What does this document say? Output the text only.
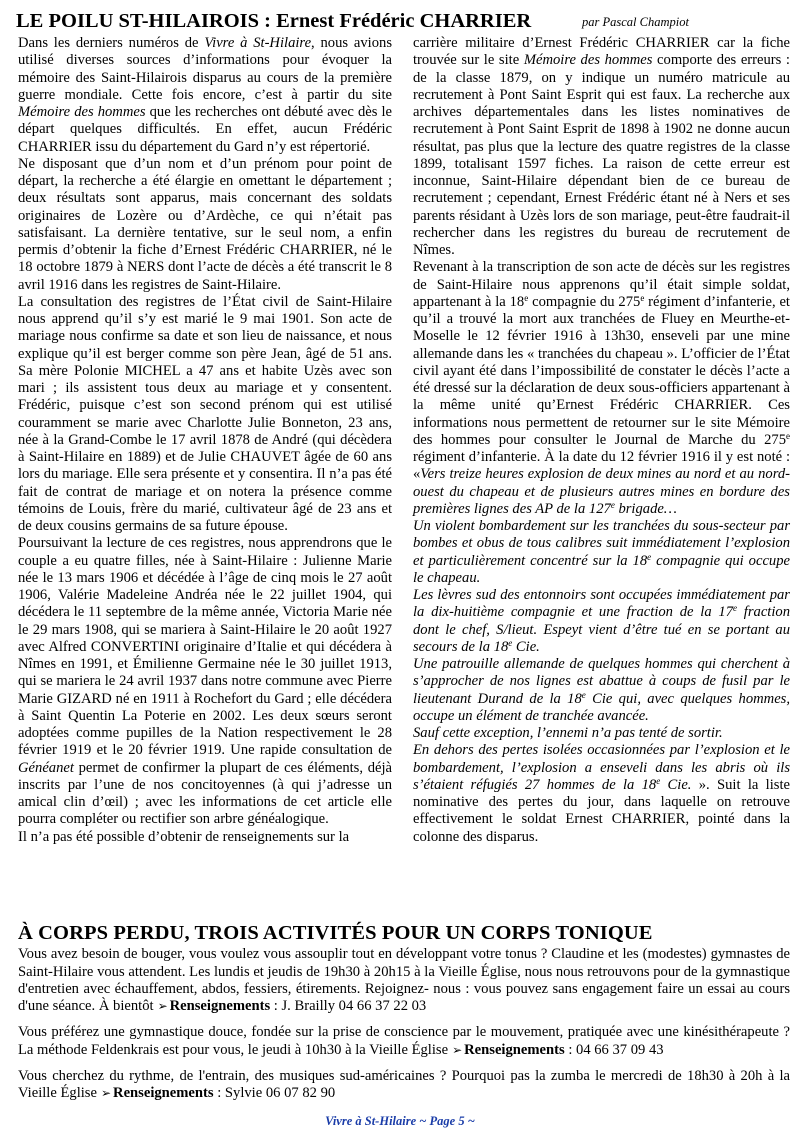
LE POILU ST-HILAIROIS : Ernest Frédéric CHARRIER	par Pascal Champiot

Dans les derniers numéros de Vivre à St-Hilaire, nous avions utilisé diverses sources d’informations pour évoquer la mémoire des Saint-Hilairois disparus au cours de la première guerre mondiale. Cette fois encore, c’est à partir du site Mémoire des hommes que les recherches ont débuté avec dès le départ quelques difficultés. En effet, aucun Frédéric CHARRIER issu du département du Gard n’y est répertorié.

Ne disposant que d’un nom et d’un prénom pour point de départ, la recherche a été élargie en omettant le département ; deux résultats sont apparus, mais concernant des soldats originaires de Lozère ou d’Ardèche, ce qui n’était pas satisfaisant. La dernière tentative, sur le seul nom, a enfin permis d’obtenir la fiche d’Ernest Frédéric CHARRIER, né le 18 octobre 1879 à NERS dont l’acte de décès a été transcrit le 8 avril 1916 dans les registres de Saint-Hilaire.

La consultation des registres de l’État civil de Saint-Hilaire nous apprend qu’il s’y est marié le 9 mai 1901. Son acte de mariage nous confirme sa date et son lieu de naissance, et nous explique qu’il est berger comme son père Jean, âgé de 51 ans. Sa mère Polonie MICHEL a 47 ans et habite Uzès avec son mari ; ils assistent tous deux au mariage et y consentent. Frédéric, puisque c’est son second prénom qui est utilisé couramment se marie avec Charlotte Julie Bonneton, 23 ans, née à la Grand-Combe le 17 avril 1878 de André (qui décèdera à Saint-Hilaire en 1889) et de Julie CHAUVET âgée de 60 ans lors du mariage. Elle sera présente et y consentira. Il n’a pas été fait de contrat de mariage et on notera la présence comme témoins de Louis, frère du marié, cultivateur âgé de 23 ans et de deux cousins germains de sa future épouse.

Poursuivant la lecture de ces registres, nous apprendrons que le couple a eu quatre filles, née à Saint-Hilaire : Julienne Marie née le 13 mars 1906 et décédée à l’âge de cinq mois le 27 août 1906, Valérie Madeleine Andréa née le 22 juillet 1904, qui décédera le 11 septembre de la même année, Victoria Marie née le 29 mars 1908, qui se mariera à Saint-Hilaire le 20 août 1927 avec Alfred CONVERTINI originaire d’Italie et qui décédera à Nîmes en 1991, et Émilienne Germaine née le 30 juillet 1913, qui se mariera le 24 avril 1937 dans notre commune avec Pierre Marie GIZARD né en 1911 à Rochefort du Gard ; elle décédera à Saint Quentin La Poterie en 2002. Les deux sœurs seront adoptées comme pupilles de la Nation respectivement le 28 février 1919 et le 20 février 1919. Une rapide consultation de Généanet permet de confirmer la plupart de ces éléments, déjà inscrits par l’une de nos concitoyennes (à qui j’adresse un amical clin d’œil) ; avec les informations de cet article elle pourra compléter ou rectifier son arbre généalogique.

Il n’a pas été possible d’obtenir de renseignements sur la

carrière militaire d’Ernest Frédéric CHARRIER car la fiche trouvée sur le site Mémoire des hommes comporte des erreurs : de la classe 1879, on y indique un numéro matricule au recrutement à Pont Saint Esprit qui est faux. La recherche aux archives départementales dans les listes nominatives de recrutement à Pont Saint Esprit de 1898 à 1902 ne donne aucun résultat, pas plus que la lecture des quatre registres de la classe 1899, totalisant 1597 fiches. La raison de cette erreur est inconnue, Saint-Hilaire dépendant bien de ce bureau de recrutement ; cependant, Ernest Frédéric étant né à Ners et ses parents résidant à Uzès lors de son mariage, peut-être faudrait-il rechercher dans les registres du bureau de recrutement de Nîmes.

Revenant à la transcription de son acte de décès sur les registres de Saint-Hilaire nous apprenons qu’il était simple soldat, appartenant à la 18e compagnie du 275e régiment d’infanterie, et qu’il a trouvé la mort aux tranchées de Fluey en Meurthe-et-Moselle le 12 février 1916 à 13h30, enseveli par une mine allemande dans les « tranchées du chapeau ». L’officier de l’État civil ayant été dans l’impossibilité de constater le décès l’acte a été dressé sur la déclaration de deux sous-officiers appartenant à la même unité qu’Ernest Frédéric CHARRIER. Ces informations nous permettent de retourner sur le site Mémoire des hommes pour consulter le Journal de Marche du 275e régiment d’infanterie. À la date du 12 février 1916 il y est noté : «Vers treize heures explosion de deux mines au nord et au nord-ouest du chapeau et de plusieurs autres mines en bordure des premières lignes des AP de la 127e brigade…

Un violent bombardement sur les tranchées du sous-secteur par bombes et obus de tous calibres suit immédiatement l’explosion et particulièrement concentré sur la 18e compagnie qui occupe le chapeau.

Les lèvres sud des entonnoirs sont occupées immédiatement par la dix-huitième compagnie et une fraction de la 17e fraction dont le chef, S/lieut. Espeyt vient d’être tué en se portant au secours de la 18e Cie.

Une patrouille allemande de quelques hommes qui cherchent à s’approcher de nos lignes est abattue à coups de fusil par le lieutenant Durand de la 18e Cie qui, avec quelques hommes, occupe un élément de tranchée avancée.

Sauf cette exception, l’ennemi n’a pas tenté de sortir.

En dehors des pertes isolées occasionnées par l’explosion et le bombardement, l’explosion a enseveli dans les abris où ils s’étaient réfugiés 27 hommes de la 18e Cie. ». Suit la liste nominative des pertes du jour, dans laquelle on retrouve effectivement le soldat Ernest CHARRIER, pointé dans la colonne des disparus.

À CORPS PERDU, TROIS ACTIVITÉS POUR UN CORPS TONIQUE

Vous avez besoin de bouger, vous voulez vous assouplir tout en développant votre tonus ? Claudine et les (modestes) gymnastes de Saint-Hilaire vous attendent. Les lundis et jeudis de 19h30 à 20h15 à la Vieille Église, nous nous retrouvons pour de la gymnastique d'entretien avec échauffement, abdos, fessiers, étirements. Rejoignez- nous : vous pouvez sans engagement faire un essai au cours d'une séance. À bientôt ➢ Renseignements : J. Brailly 04 66 37 22 03

Vous préférez une gymnastique douce, fondée sur la prise de conscience par le mouvement, pratiquée avec une kinésithérapeute ? La méthode Feldenkrais est pour vous, le jeudi à 10h30 à la Vieille Église ➢ Renseignements : 04 66 37 09 43

Vous cherchez du rythme, de l'entrain, des musiques sud-américaines ? Pourquoi pas la zumba le mercredi de 18h30 à 20h à la Vieille Église ➢ Renseignements : Sylvie 06 07 82 90

Vivre à St-Hilaire ~ Page 5 ~
